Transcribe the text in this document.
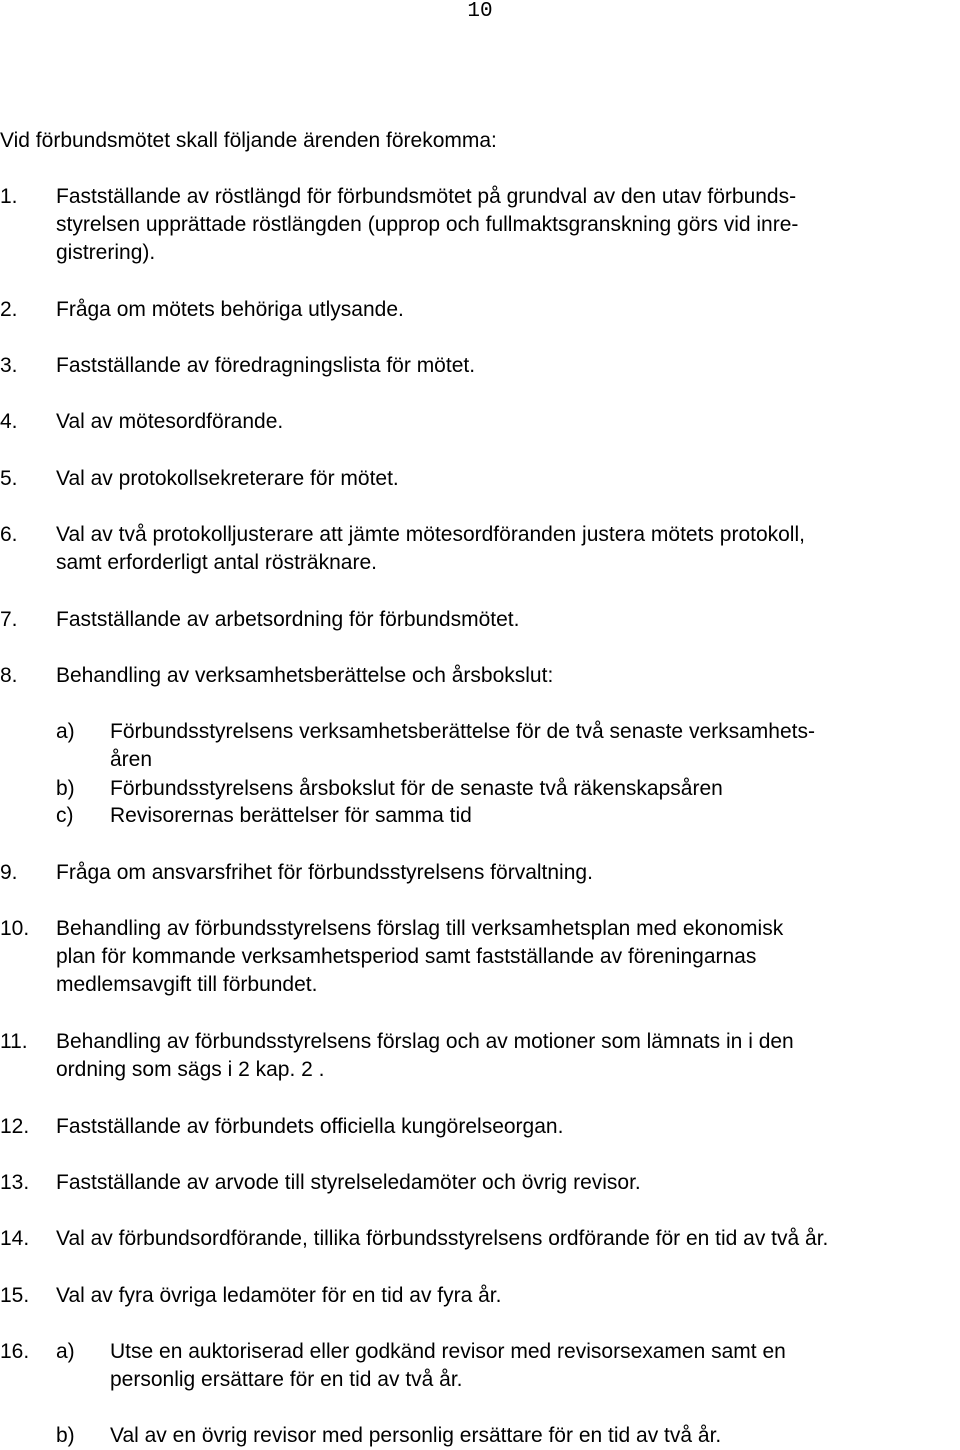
10
Vid förbundsmötet skall följande ärenden förekomma:
1. Fastställande av röstlängd för förbundsmötet på grundval av den utav förbunds-
styrelsen upprättade röstlängden (upprop och fullmaktsgranskning görs vid inre-
gistrering).
2. Fråga om mötets behöriga utlysande.
3. Fastställande av föredragningslista för mötet.
4. Val av mötesordförande.
5. Val av protokollsekreterare för mötet.
6. Val av två protokolljusterare att jämte mötesordföranden justera mötets protokoll,
samt erforderligt antal rösträknare.
7. Fastställande av arbetsordning för förbundsmötet.
8. Behandling av verksamhetsberättelse och årsbokslut:
9. Fråga om ansvarsfrihet för förbundsstyrelsens förvaltning.
10. Behandling av förbundsstyrelsens förslag till verksamhetsplan med ekonomisk
plan för kommande verksamhetsperiod samt fastställande av föreningarnas
medlemsavgift till förbundet.
11. Behandling av förbundsstyrelsens förslag och av motioner som lämnats in i den
ordning som sägs i 2 kap. 2 .
12. Fastställande av förbundets officiella kungörelseorgan.
13. Fastställande av arvode till styrelseledamöter och övrig revisor.
14. Val av förbundsordförande, tillika förbundsstyrelsens ordförande för en tid av två år.
15. Val av fyra övriga ledamöter för en tid av fyra år.
16.
a) Förbundsstyrelsens verksamhetsberättelse för de två senaste verksamhets-
åren
b) Förbundsstyrelsens årsbokslut för de senaste två räkenskapsåren
c) Revisorernas berättelser för samma tid
a) Utse en auktoriserad eller godkänd revisor med revisorsexamen samt en
personlig ersättare för en tid av två år.
b) Val av en övrig revisor med personlig ersättare för en tid av två år.
